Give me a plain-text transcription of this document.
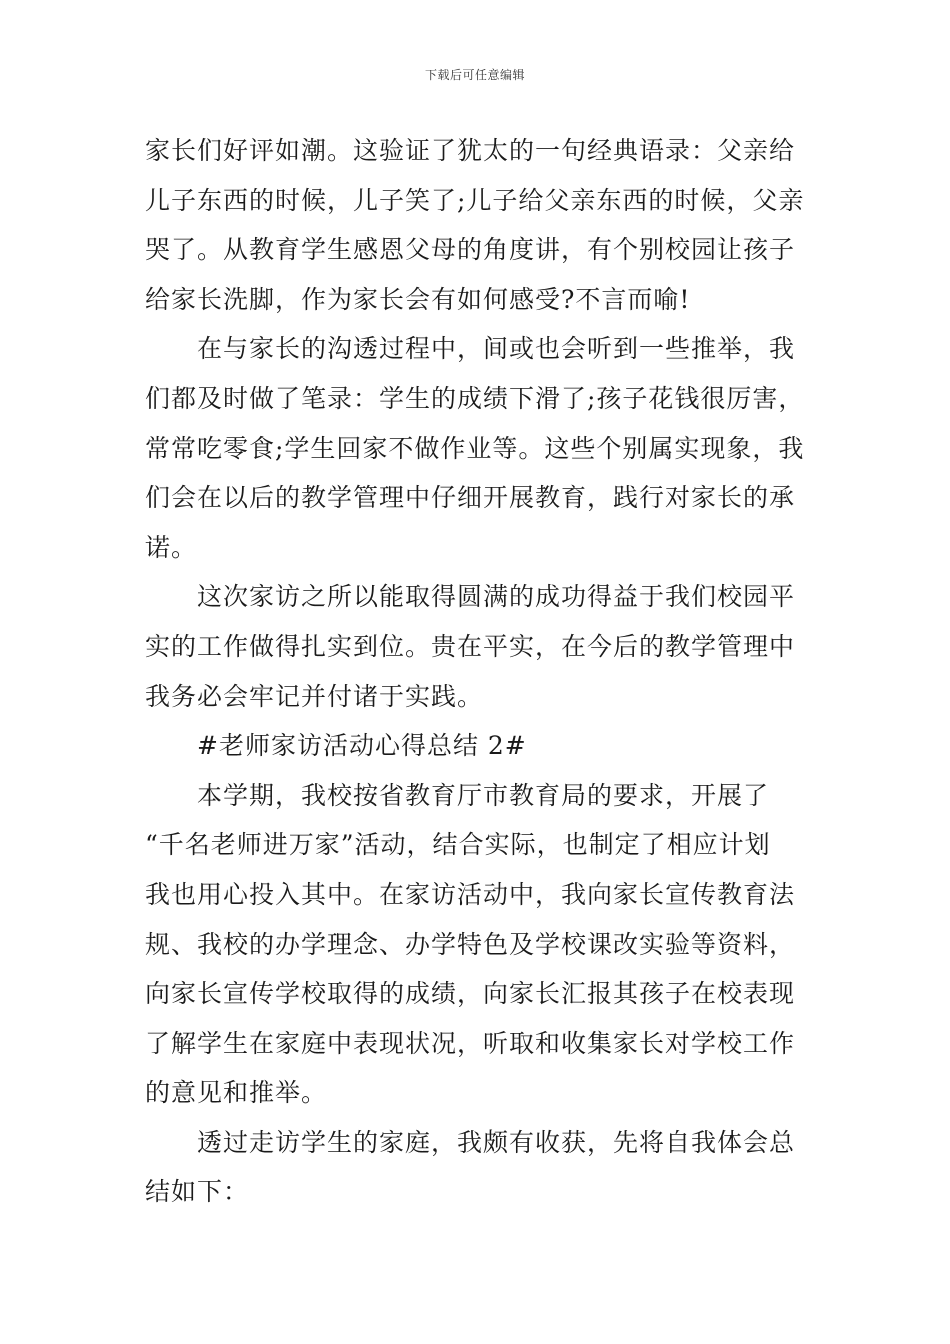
下载后可任意编辑
家长们好评如潮。这验证了犹太的一句经典语录：父亲给
儿子东西的时候，儿子笑了;儿子给父亲东西的时候，父亲
哭了。从教育学生感恩父母的角度讲，有个别校园让孩子
给家长洗脚，作为家长会有如何感受?不言而喻!
在与家长的沟透过程中，间或也会听到一些推举，我
们都及时做了笔录：学生的成绩下滑了;孩子花钱很厉害，
常常吃零食;学生回家不做作业等。这些个别属实现象，我
们会在以后的教学管理中仔细开展教育，践行对家长的承
诺。
这次家访之所以能取得圆满的成功得益于我们校园平
实的工作做得扎实到位。贵在平实，在今后的教学管理中
我务必会牢记并付诸于实践。
#老师家访活动心得总结 2#
本学期，我校按省教育厅市教育局的要求，开展了
“千名老师进万家”活动，结合实际，也制定了相应计划
我也用心投入其中。在家访活动中，我向家长宣传教育法
规、我校的办学理念、办学特色及学校课改实验等资料，
向家长宣传学校取得的成绩，向家长汇报其孩子在校表现
了解学生在家庭中表现状况，听取和收集家长对学校工作
的意见和推举。
透过走访学生的家庭，我颇有收获，先将自我体会总
结如下：
